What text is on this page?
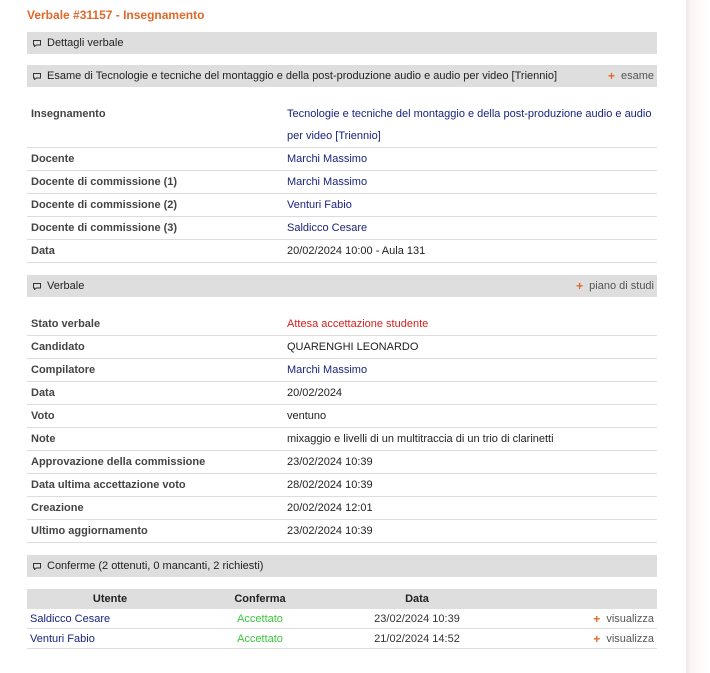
Verbale #31157 - Insegnamento
Dettagli verbale
Esame di Tecnologie e tecniche del montaggio e della post-produzione audio e audio per video [Triennio]	+ esame
Insegnamento	Tecnologie e tecniche del montaggio e della post-produzione audio e audio per video [Triennio]
Docente	Marchi Massimo
Docente di commissione (1)	Marchi Massimo
Docente di commissione (2)	Venturi Fabio
Docente di commissione (3)	Saldicco Cesare
Data	20/02/2024 10:00 - Aula 131
Verbale	+ piano di studi
Stato verbale	Attesa accettazione studente
Candidato	QUARENGHI LEONARDO
Compilatore	Marchi Massimo
Data	20/02/2024
Voto	ventuno
Note	mixaggio e livelli di un multitraccia di un trio di clarinetti
Approvazione della commissione	23/02/2024 10:39
Data ultima accettazione voto	28/02/2024 10:39
Creazione	20/02/2024 12:01
Ultimo aggiornamento	23/02/2024 10:39
Conferme (2 ottenuti, 0 mancanti, 2 richiesti)
Utente	Conferma	Data
Saldicco Cesare	Accettato	23/02/2024 10:39	+ visualizza
Venturi Fabio	Accettato	21/02/2024 14:52	+ visualizza
